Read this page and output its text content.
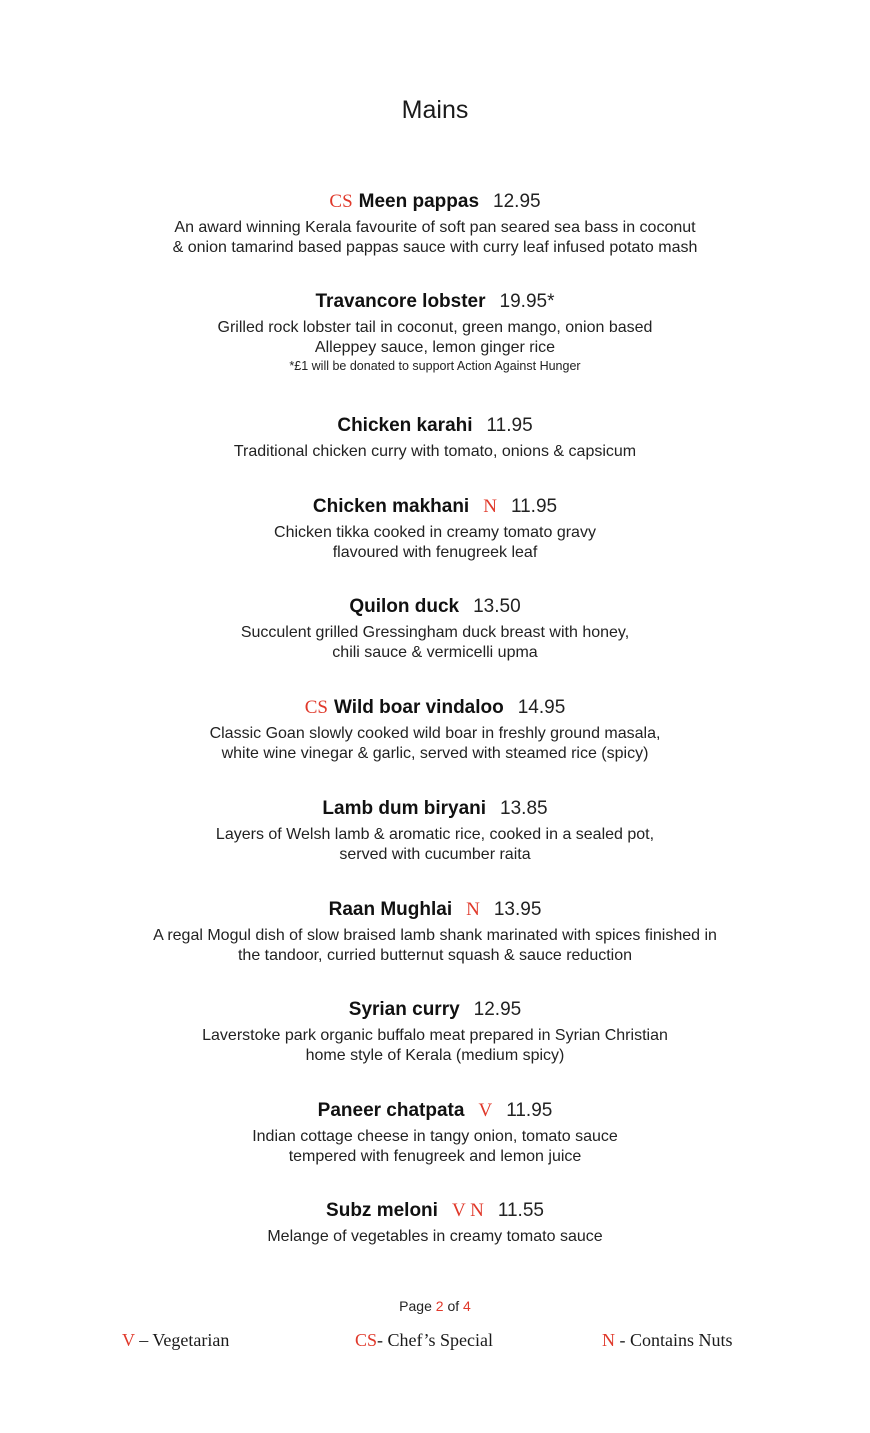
Mains
CS Meen pappas 12.95
An award winning Kerala favourite of soft pan seared sea bass in coconut
& onion tamarind based pappas sauce with curry leaf infused potato mash
Travancore lobster 19.95*
Grilled rock lobster tail in coconut, green mango, onion based
Alleppey sauce, lemon ginger rice
*£1 will be donated to support Action Against Hunger
Chicken karahi 11.95
Traditional chicken curry with tomato, onions & capsicum
Chicken makhani N 11.95
Chicken tikka cooked in creamy tomato gravy
flavoured with fenugreek leaf
Quilon duck 13.50
Succulent grilled Gressingham duck breast with honey,
chili sauce & vermicelli upma
CS Wild boar vindaloo 14.95
Classic Goan slowly cooked wild boar in freshly ground masala,
white wine vinegar & garlic, served with steamed rice (spicy)
Lamb dum biryani 13.85
Layers of Welsh lamb & aromatic rice, cooked in a sealed pot,
served with cucumber raita
Raan Mughlai N 13.95
A regal Mogul dish of slow braised lamb shank marinated with spices finished in
the tandoor, curried butternut squash & sauce reduction
Syrian curry 12.95
Laverstoke park organic buffalo meat prepared in Syrian Christian
home style of Kerala (medium spicy)
Paneer chatpata V 11.95
Indian cottage cheese in tangy onion, tomato sauce
tempered with fenugreek and lemon juice
Subz meloni V N 11.55
Melange of vegetables in creamy tomato sauce
Page 2 of 4
V – Vegetarian	CS- Chef’s Special	N - Contains Nuts
